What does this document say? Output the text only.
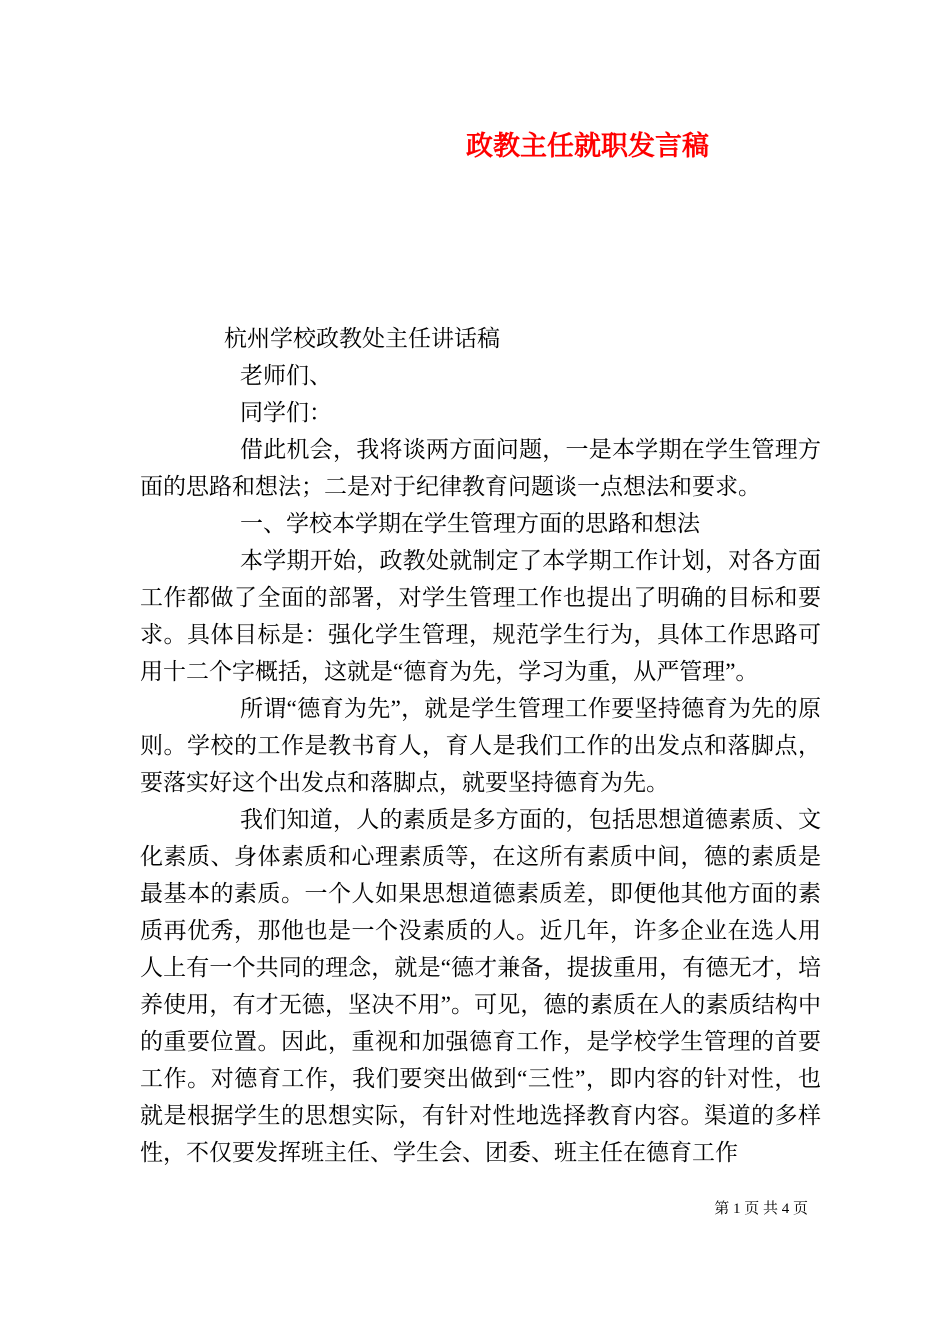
政教主任就职发言稿

杭州学校政教处主任讲话稿

老师们、

同学们：

借此机会，我将谈两方面问题，一是本学期在学生管理方面的思路和想法；二是对于纪律教育问题谈一点想法和要求。

一、学校本学期在学生管理方面的思路和想法

本学期开始，政教处就制定了本学期工作计划，对各方面工作都做了全面的部署，对学生管理工作也提出了明确的目标和要求。具体目标是：强化学生管理，规范学生行为，具体工作思路可用十二个字概括，这就是“德育为先，学习为重，从严管理”。

所谓“德育为先”，就是学生管理工作要坚持德育为先的原则。学校的工作是教书育人，育人是我们工作的出发点和落脚点，要落实好这个出发点和落脚点，就要坚持德育为先。

我们知道，人的素质是多方面的，包括思想道德素质、文化素质、身体素质和心理素质等，在这所有素质中间，德的素质是最基本的素质。一个人如果思想道德素质差，即便他其他方面的素质再优秀，那他也是一个没素质的人。近几年，许多企业在选人用人上有一个共同的理念，就是“德才兼备，提拔重用，有德无才，培养使用，有才无德，坚决不用”。可见，德的素质在人的素质结构中的重要位置。因此，重视和加强德育工作，是学校学生管理的首要工作。对德育工作，我们要突出做到“三性”，即内容的针对性，也就是根据学生的思想实际，有针对性地选择教育内容。渠道的多样性，不仅要发挥班主任、学生会、团委、班主任在德育工作

第 1 页 共 4 页
